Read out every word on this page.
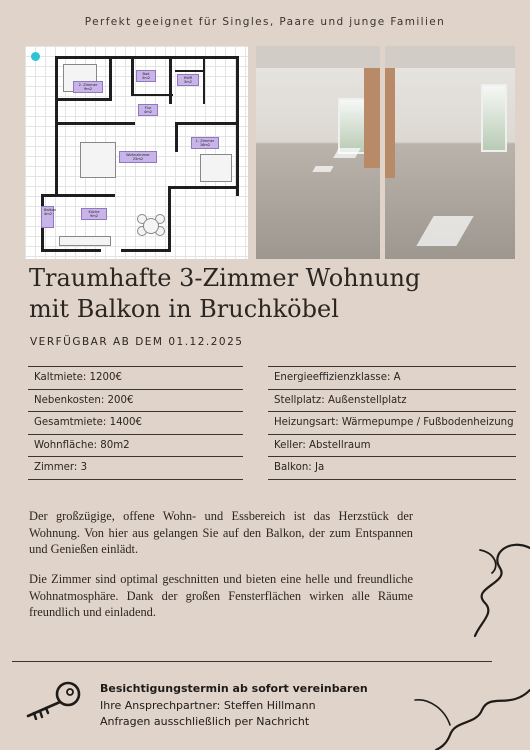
Perfekt geeignet für Singles, Paare und junge Familien
2. Zimmer
9m2
Bad
5m2	HWR
3m2
Flur
4m2
Wohnzimmer
25m2
1. Zimmer
16m2
Küche
9m2
Balkon
4m2
Traumhafte 3-Zimmer Wohnung
mit Balkon in Bruchköbel
VERFÜGBAR AB DEM 01.12.2025
Kaltmiete: 1200€
Nebenkosten: 200€
Gesamtmiete: 1400€
Wohnfläche: 80m2
Zimmer: 3
Energieeffizienzklasse: A
Stellplatz: Außenstellplatz
Heizungsart: Wärmepumpe / Fußbodenheizung
Keller: Abstellraum
Balkon: Ja

Der großzügige, offene Wohn- und Essbereich ist das Herzstück der Wohnung. Von hier aus gelangen Sie auf den Balkon, der zum Entspannen und Genießen einlädt.

Die Zimmer sind optimal geschnitten und bieten eine helle und freundliche Wohnatmosphäre. Dank der großen Fensterflächen wirken alle Räume freundlich und einladend.

Besichtigungstermin ab sofort vereinbaren
Ihre Ansprechpartner: Steffen Hillmann
Anfragen ausschließlich per Nachricht
